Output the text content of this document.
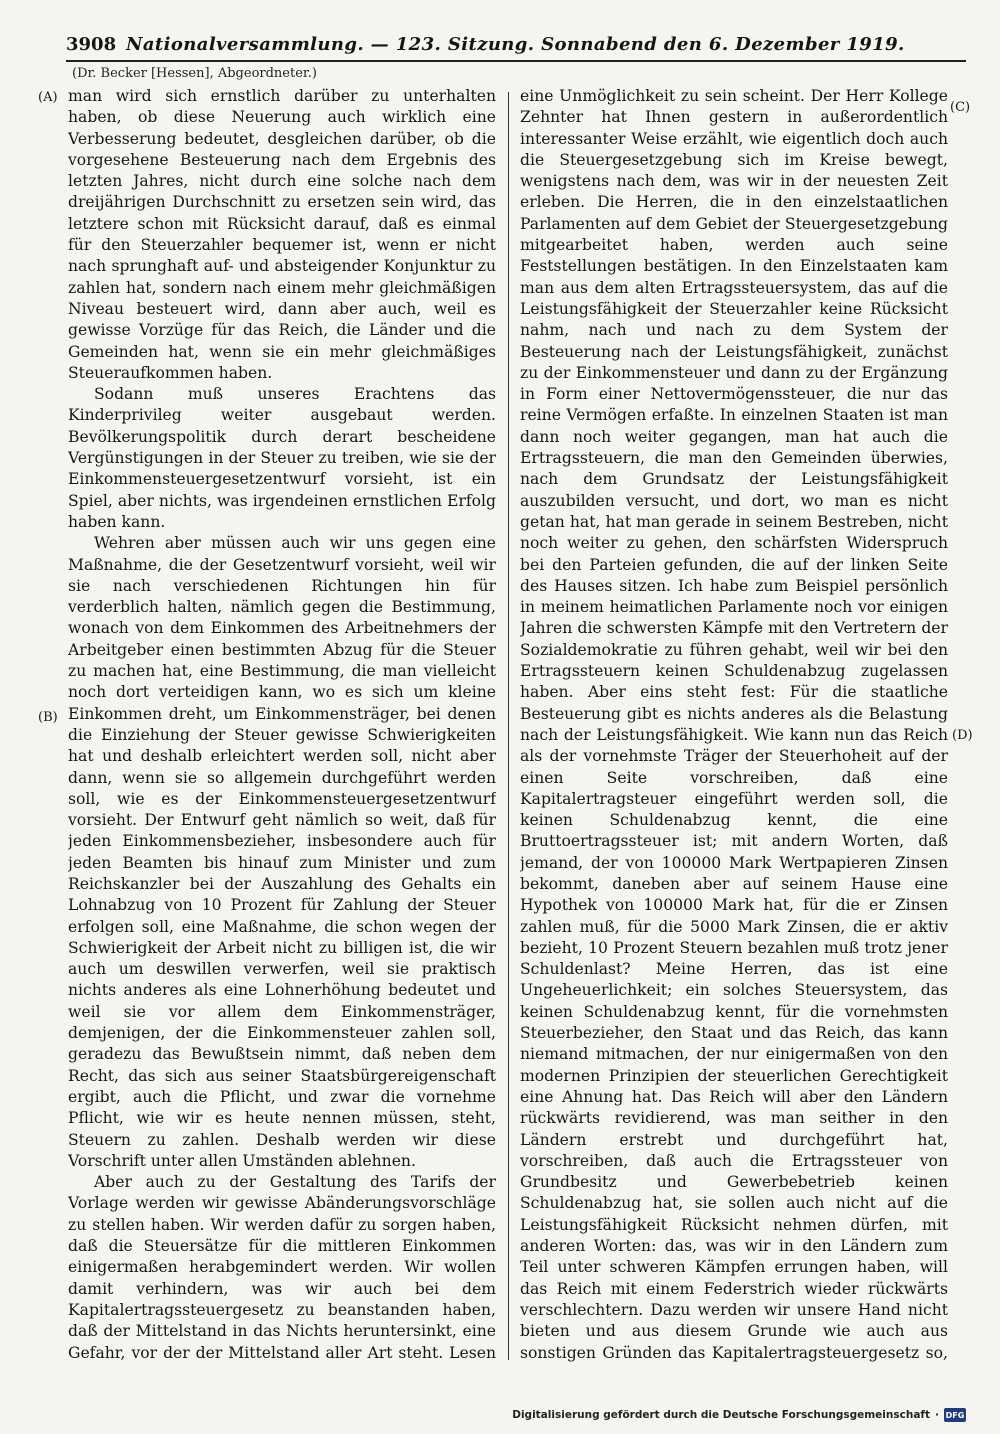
3908 Nationalversammlung. — 123. Sitzung. Sonnabend den 6. Dezember 1919.
(Dr. Becker [Hessen], Abgeordneter.)
(A)
(B)
(C)
(D)

man wird sich ernstlich darüber zu unterhalten haben, ob diese Neuerung auch wirklich eine Verbesserung bedeutet, desgleichen darüber, ob die vorgesehene Besteuerung nach dem Ergebnis des letzten Jahres, nicht durch eine solche nach dem dreijährigen Durchschnitt zu ersetzen sein wird, das letztere schon mit Rücksicht darauf, daß es einmal für den Steuerzahler bequemer ist, wenn er nicht nach sprunghaft auf- und absteigender Konjunktur zu zahlen hat, sondern nach einem mehr gleichmäßigen Niveau besteuert wird, dann aber auch, weil es gewisse Vorzüge für das Reich, die Länder und die Gemeinden hat, wenn sie ein mehr gleichmäßiges Steueraufkommen haben.

Sodann muß unseres Erachtens das Kinderprivileg weiter ausgebaut werden. Bevölkerungspolitik durch derart bescheidene Vergünstigungen in der Steuer zu treiben, wie sie der Einkommensteuergesetzentwurf vorsieht, ist ein Spiel, aber nichts, was irgendeinen ernstlichen Erfolg haben kann.

Wehren aber müssen auch wir uns gegen eine Maßnahme, die der Gesetzentwurf vorsieht, weil wir sie nach verschiedenen Richtungen hin für verderblich halten, nämlich gegen die Bestimmung, wonach von dem Einkommen des Arbeitnehmers der Arbeitgeber einen bestimmten Abzug für die Steuer zu machen hat, eine Bestimmung, die man vielleicht noch dort verteidigen kann, wo es sich um kleine Einkommen dreht, um Einkommensträger, bei denen die Einziehung der Steuer gewisse Schwierigkeiten hat und deshalb erleichtert werden soll, nicht aber dann, wenn sie so allgemein durchgeführt werden soll, wie es der Einkommensteuergesetzentwurf vorsieht. Der Entwurf geht nämlich so weit, daß für jeden Einkommensbezieher, insbesondere auch für jeden Beamten bis hinauf zum Minister und zum Reichskanzler bei der Auszahlung des Gehalts ein Lohnabzug von 10 Prozent für Zahlung der Steuer erfolgen soll, eine Maßnahme, die schon wegen der Schwierigkeit der Arbeit nicht zu billigen ist, die wir auch um deswillen verwerfen, weil sie praktisch nichts anderes als eine Lohnerhöhung bedeutet und weil sie vor allem dem Einkommensträger, demjenigen, der die Einkommensteuer zahlen soll, geradezu das Bewußtsein nimmt, daß neben dem Recht, das sich aus seiner Staatsbürgereigenschaft ergibt, auch die Pflicht, und zwar die vornehme Pflicht, wie wir es heute nennen müssen, steht, Steuern zu zahlen. Deshalb werden wir diese Vorschrift unter allen Umständen ablehnen.

Aber auch zu der Gestaltung des Tarifs der Vorlage werden wir gewisse Abänderungsvorschläge zu stellen haben. Wir werden dafür zu sorgen haben, daß die Steuersätze für die mittleren Einkommen einigermaßen herabgemindert werden. Wir wollen damit verhindern, was wir auch bei dem Kapitalertragssteuergesetz zu beanstanden haben, daß der Mittelstand in das Nichts heruntersinkt, eine Gefahr, vor der der Mittelstand aller Art steht. Lesen

eine Unmöglichkeit zu sein scheint. Der Herr Kollege Zehnter hat Ihnen gestern in außerordentlich interessanter Weise erzählt, wie eigentlich doch auch die Steuergesetzgebung sich im Kreise bewegt, wenigstens nach dem, was wir in der neuesten Zeit erleben. Die Herren, die in den einzelstaatlichen Parlamenten auf dem Gebiet der Steuergesetzgebung mitgearbeitet haben, werden auch seine Feststellungen bestätigen. In den Einzelstaaten kam man aus dem alten Ertragssteuersystem, das auf die Leistungsfähigkeit der Steuerzahler keine Rücksicht nahm, nach und nach zu dem System der Besteuerung nach der Leistungsfähigkeit, zunächst zu der Einkommensteuer und dann zu der Ergänzung in Form einer Nettovermögenssteuer, die nur das reine Vermögen erfaßte. In einzelnen Staaten ist man dann noch weiter gegangen, man hat auch die Ertragssteuern, die man den Gemeinden überwies, nach dem Grundsatz der Leistungsfähigkeit auszubilden versucht, und dort, wo man es nicht getan hat, hat man gerade in seinem Bestreben, nicht noch weiter zu gehen, den schärfsten Widerspruch bei den Parteien gefunden, die auf der linken Seite des Hauses sitzen. Ich habe zum Beispiel persönlich in meinem heimatlichen Parlamente noch vor einigen Jahren die schwersten Kämpfe mit den Vertretern der Sozialdemokratie zu führen gehabt, weil wir bei den Ertragssteuern keinen Schuldenabzug zugelassen haben. Aber eins steht fest: Für die staatliche Besteuerung gibt es nichts anderes als die Belastung nach der Leistungsfähigkeit. Wie kann nun das Reich als der vornehmste Träger der Steuerhoheit auf der einen Seite vorschreiben, daß eine Kapitalertragsteuer eingeführt werden soll, die keinen Schuldenabzug kennt, die eine Bruttoertragssteuer ist; mit andern Worten, daß jemand, der von 100000 Mark Wertpapieren Zinsen bekommt, daneben aber auf seinem Hause eine Hypothek von 100000 Mark hat, für die er Zinsen zahlen muß, für die 5000 Mark Zinsen, die er aktiv bezieht, 10 Prozent Steuern bezahlen muß trotz jener Schuldenlast? Meine Herren, das ist eine Ungeheuerlichkeit; ein solches Steuersystem, das keinen Schuldenabzug kennt, für die vornehmsten Steuerbezieher, den Staat und das Reich, das kann niemand mitmachen, der nur einigermaßen von den modernen Prinzipien der steuerlichen Gerechtigkeit eine Ahnung hat. Das Reich will aber den Ländern rückwärts revidierend, was man seither in den Ländern erstrebt und durchgeführt hat, vorschreiben, daß auch die Ertragssteuer von Grundbesitz und Gewerbebetrieb keinen Schuldenabzug hat, sie sollen auch nicht auf die Leistungsfähigkeit Rücksicht nehmen dürfen, mit anderen Worten: das, was wir in den Ländern zum Teil unter schweren Kämpfen errungen haben, will das Reich mit einem Federstrich wieder rückwärts verschlechtern. Dazu werden wir unsere Hand nicht bieten und aus diesem Grunde wie auch aus sonstigen Gründen das Kapitalertragsteuergesetz so,

Digitalisierung gefördert durch die Deutsche Forschungsgemeinschaft · DFG
